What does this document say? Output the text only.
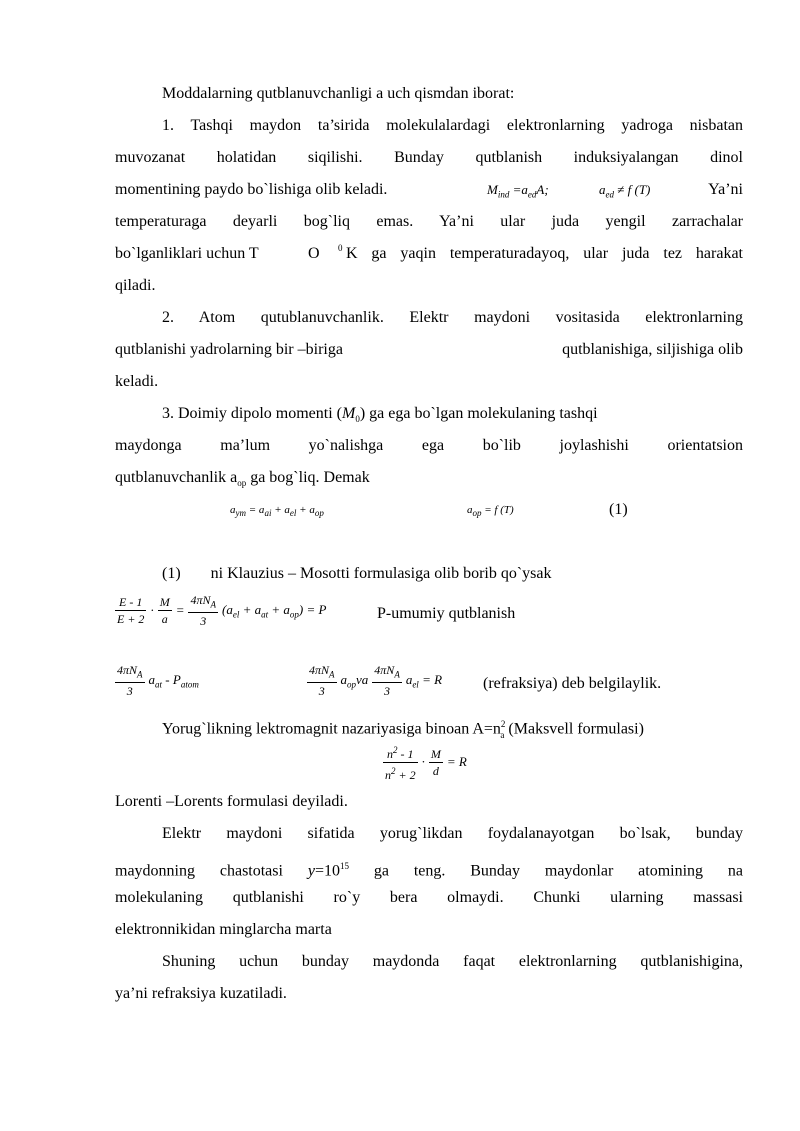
Moddalarning qutblanuvchanligi a uch qismdan iborat:
1. Tashqi maydon ta’sirida molekulalardagi elektronlarning yadroga nisbatan
muvozanat holatidan siqilishi. Bunday qutblanish induksiyalangan dinol
momentining paydo bo`lishiga olib keladi.	$M_{ind} =a_{ed}A$;	$a_{ed} \ne f$ (T)	Ya’ni
temperaturaga deyarli bog`liq emas. Ya’ni ular juda yengil zarrachalar
bo`lganliklari uchun T	O $^0$ K ga yaqin temperaturadayoq, ular juda tez harakat
qiladi.
2. Atom qutublanuvchanlik. Elektr maydoni vositasida elektronlarning
qutblanishi yadrolarning bir –biriga	qutblanishiga, siljishiga olib
keladi.
3. Doimiy dipolo momenti $(M_0)$ ga ega bo`lgan molekulaning tashqi
maydonga ma’lum yo`nalishga ega bo`lib joylashishi orientatsion
qutblanuvchanlik $a_{op}$ ga bog`liq. Demak
$a_{ym} = a_{ai} + a_{el} + a_{op}$	$a_{op} = f$ (T)	(1)
(1) ni Klauzius – Mosotti formulasiga olib borib qo`ysak
$\frac{E - 1}{E + 2} \cdot \frac{M}{a} = \frac{4\pi N_A}{3} (a_{el} + a_{at} + a_{op}) = P$	P-umumiy qutblanish
$\frac{4\pi N_A}{3} a_{at} - P_{atom}$	$\frac{4\pi N_A}{3} a_{op}va \frac{4\pi N_A}{3} a_{el} = R$	(refraksiya) deb belgilaylik.
Yorug`likning lektromagnit nazariyasiga binoan $A=n^2_a$ (Maksvell formulasi)
$\frac{n^2 - 1}{n^2 + 2} \cdot \frac{M}{d} = R$
Lorenti –Lorents formulasi deyiladi.
Elektr maydoni sifatida yorug`likdan foydalanayotgan bo`lsak, bunday
maydonning chastotasi $y=10^{15}$ ga teng. Bunday maydonlar atomining na
molekulaning qutblanishi ro`y bera olmaydi. Chunki ularning massasi
elektronnikidan minglarcha marta
Shuning uchun bunday maydonda faqat elektronlarning qutblanishigina,
ya’ni refraksiya kuzatiladi.
